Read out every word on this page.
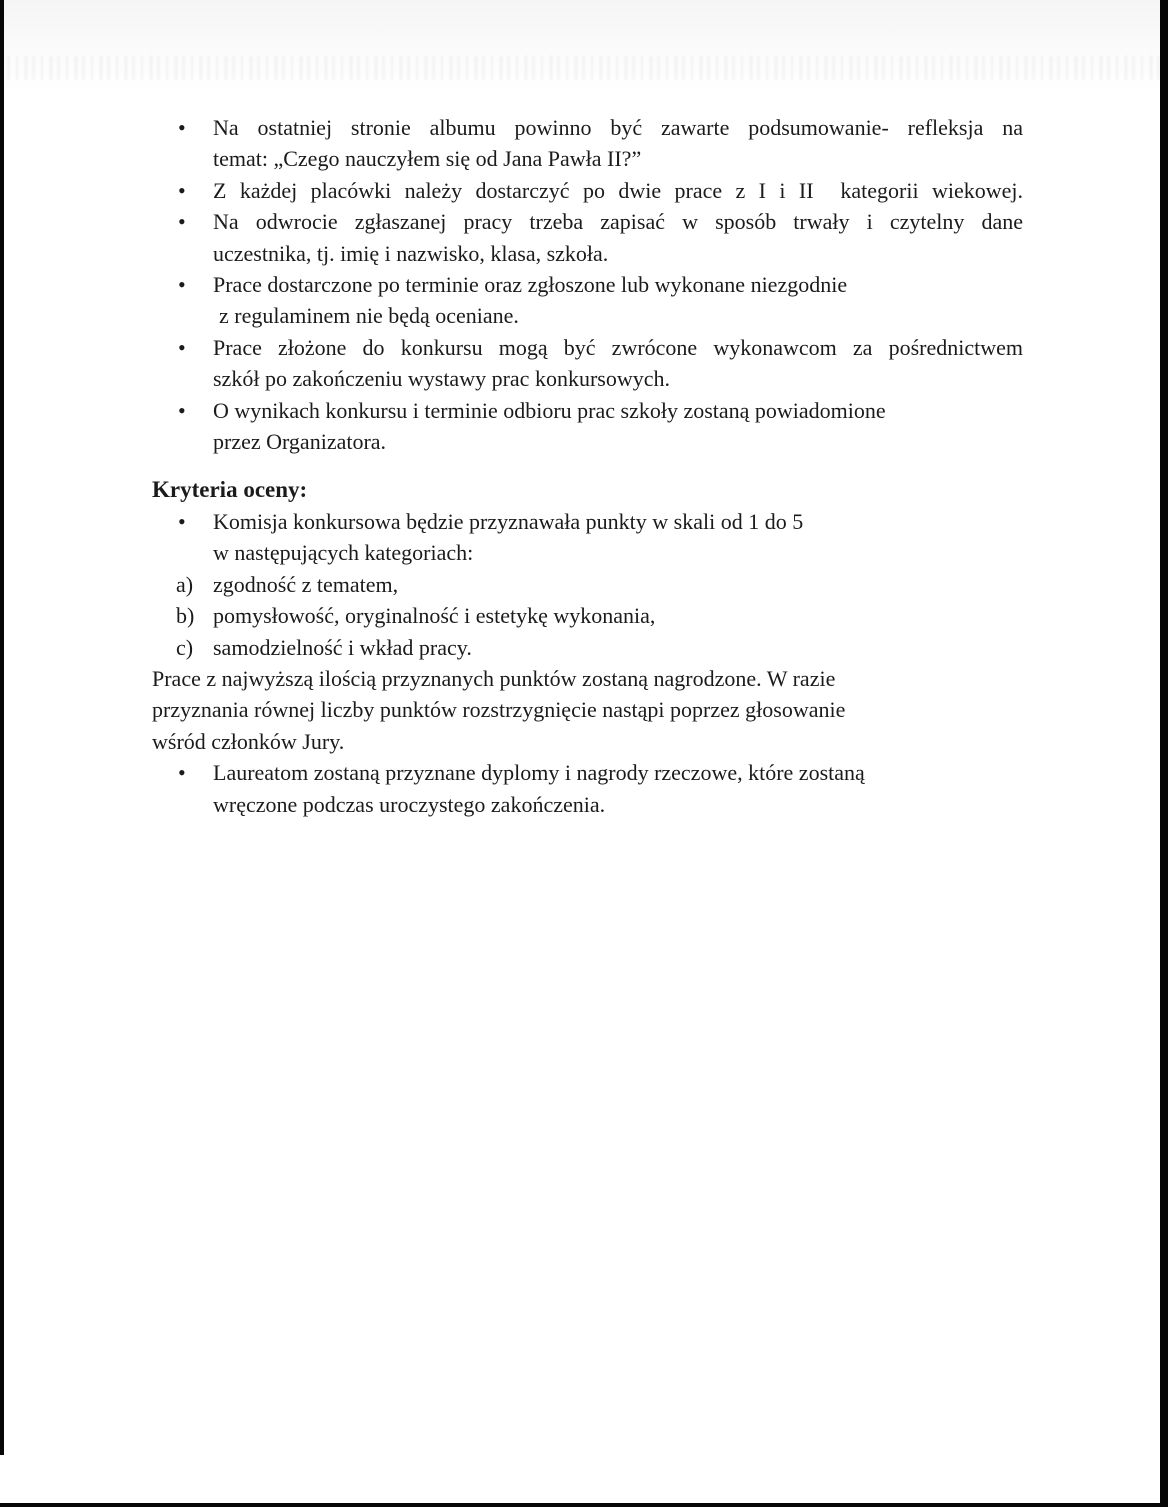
• Na ostatniej stronie albumu powinno być zawarte podsumowanie- refleksja na
temat: „Czego nauczyłem się od Jana Pawła II?”
• Z każdej placówki należy dostarczyć po dwie prace z I i II  kategorii wiekowej.
• Na odwrocie zgłaszanej pracy trzeba zapisać w sposób trwały i czytelny dane
uczestnika, tj. imię i nazwisko, klasa, szkoła.
• Prace dostarczone po terminie oraz zgłoszone lub wykonane niezgodnie
z regulaminem nie będą oceniane.
• Prace złożone do konkursu mogą być zwrócone wykonawcom za pośrednictwem
szkół po zakończeniu wystawy prac konkursowych.
• O wynikach konkursu i terminie odbioru prac szkoły zostaną powiadomione
przez Organizatora.
Kryteria oceny:
• Komisja konkursowa będzie przyznawała punkty w skali od 1 do 5
w następujących kategoriach:
a) zgodność z tematem,
b) pomysłowość, oryginalność i estetykę wykonania,
c) samodzielność i wkład pracy.
Prace z najwyższą ilością przyznanych punktów zostaną nagrodzone. W razie
przyznania równej liczby punktów rozstrzygnięcie nastąpi poprzez głosowanie
wśród członków Jury.
• Laureatom zostaną przyznane dyplomy i nagrody rzeczowe, które zostaną
wręczone podczas uroczystego zakończenia.
